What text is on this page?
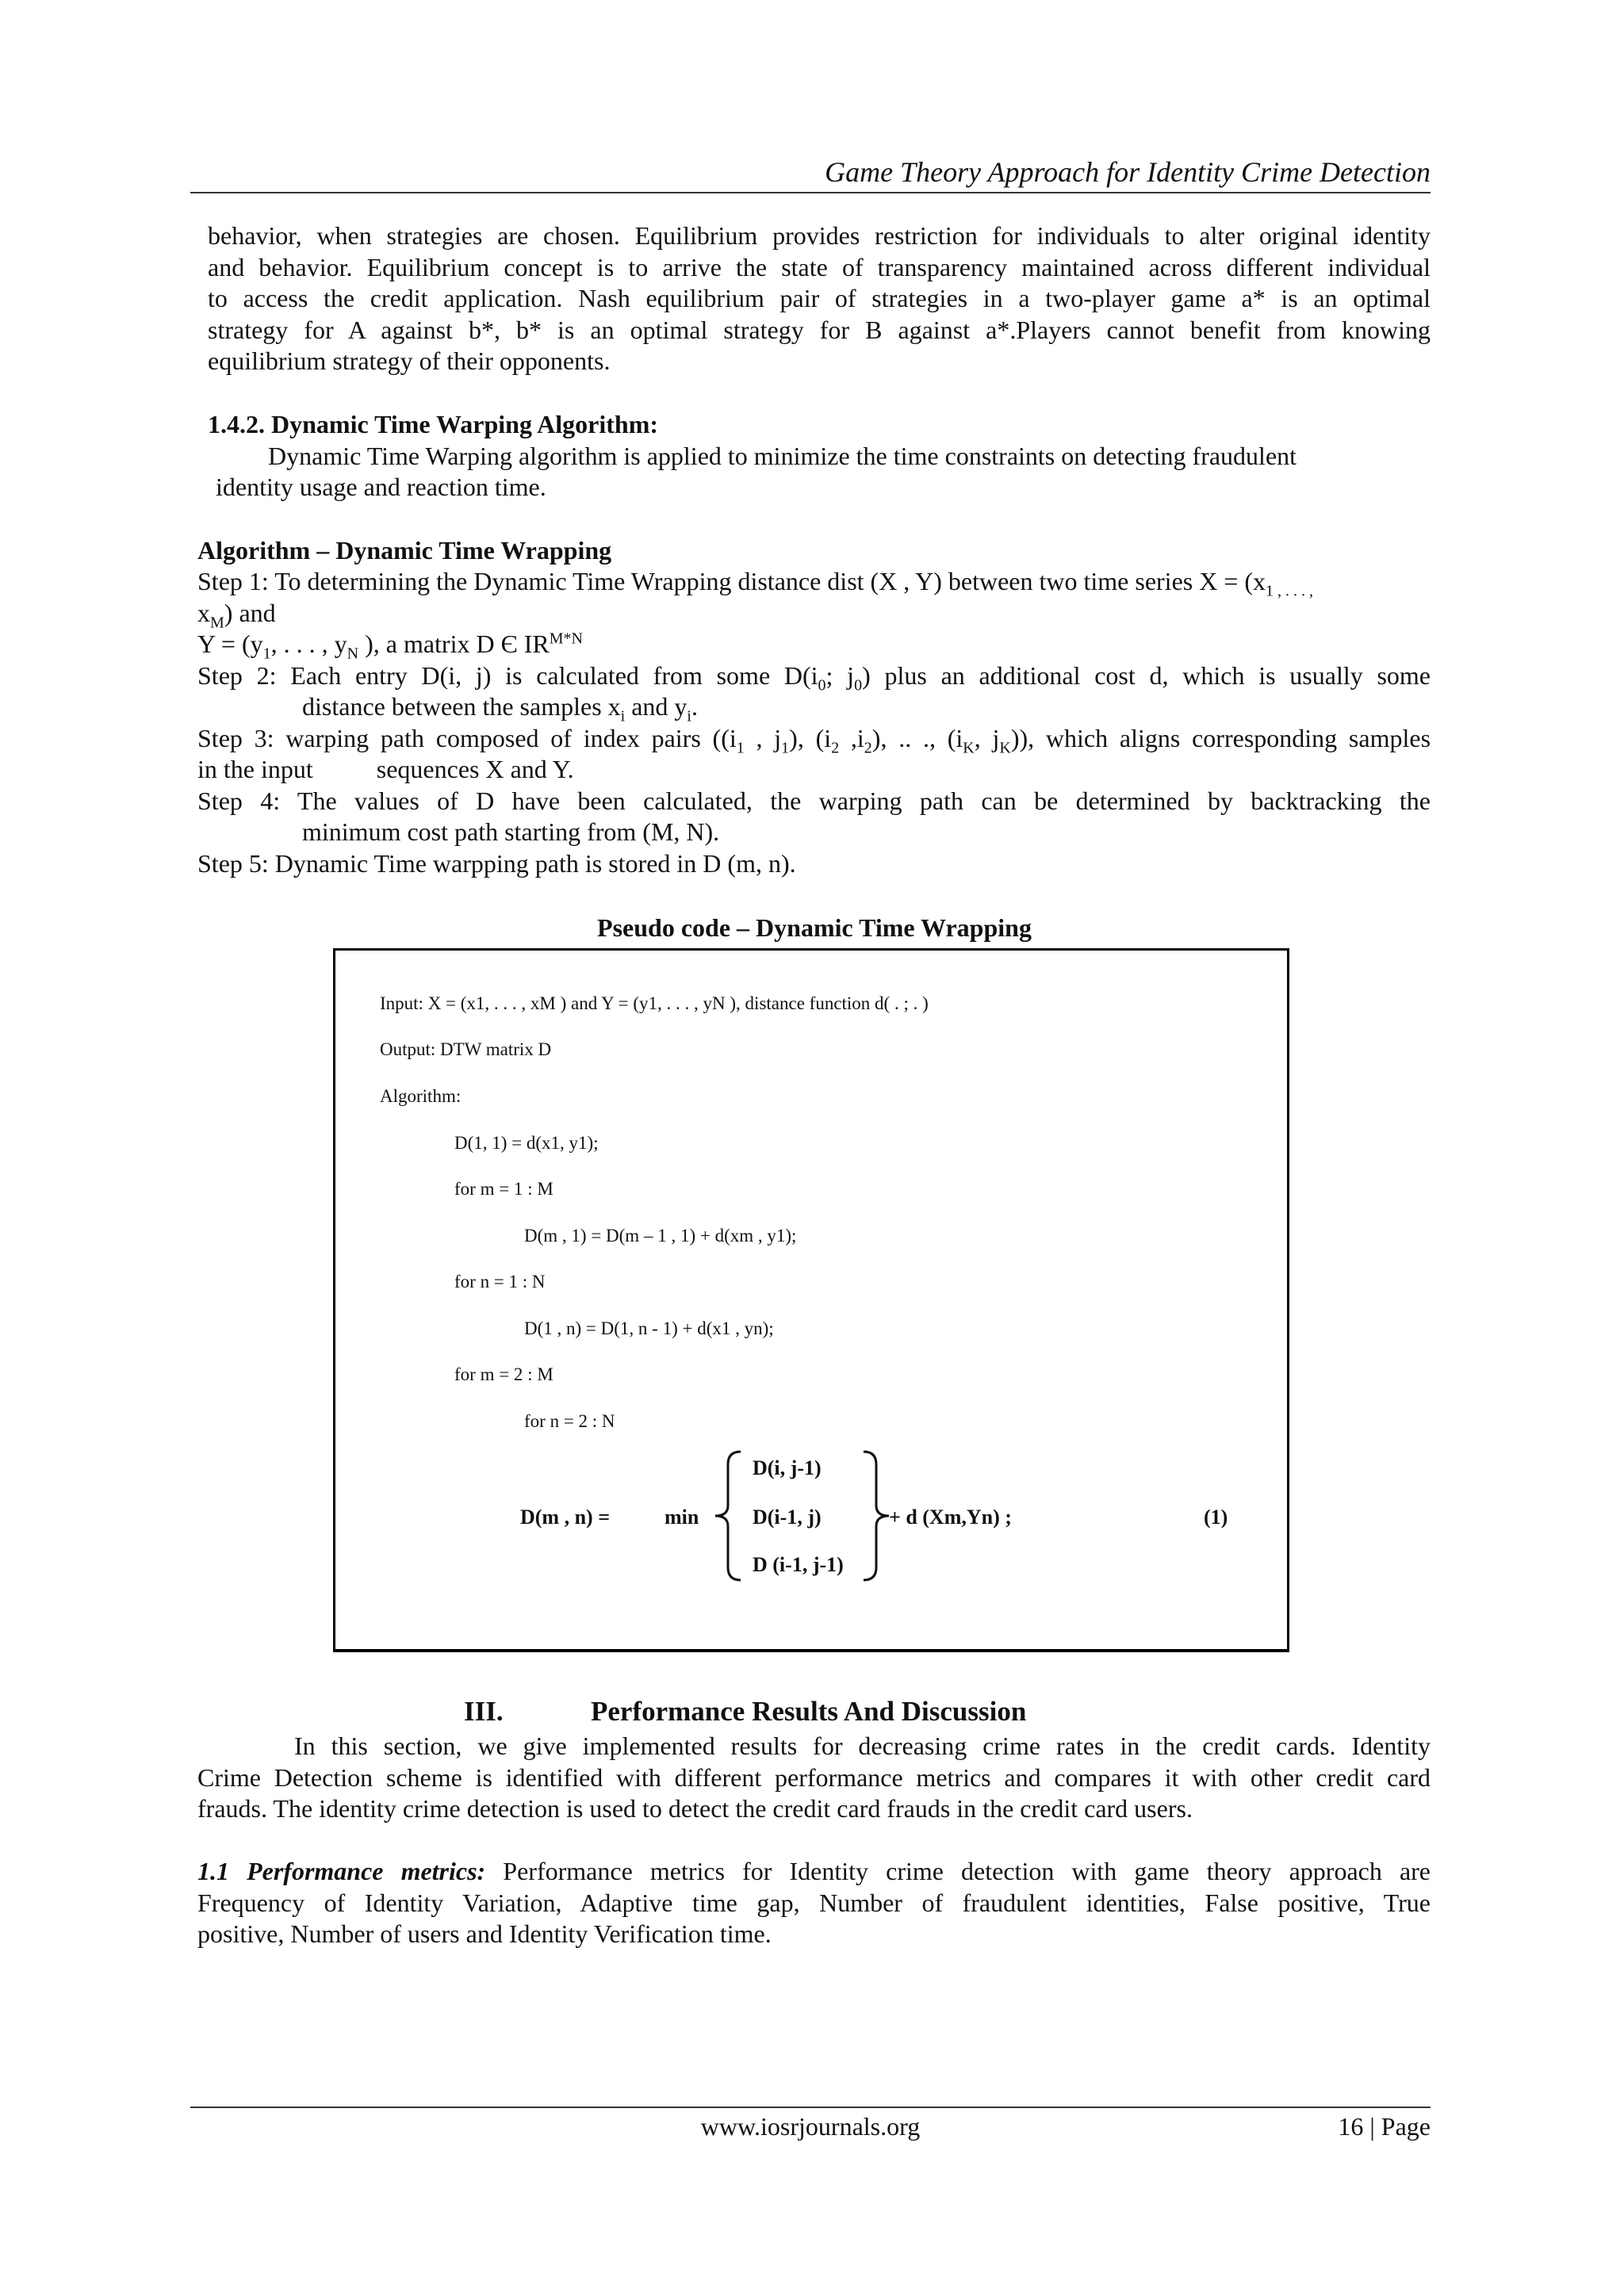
Game Theory Approach for Identity Crime Detection
behavior, when strategies are chosen. Equilibrium provides restriction for individuals to alter original identity
and behavior. Equilibrium concept is to arrive the state of transparency maintained across different individual
to access the credit application. Nash equilibrium pair of strategies in a two-player game a* is an optimal
strategy for A against b*, b* is an optimal strategy for B against a*.Players cannot benefit from knowing
equilibrium strategy of their opponents.
1.4.2. Dynamic Time Warping Algorithm:
Dynamic Time Warping algorithm is applied to minimize the time constraints on detecting fraudulent
identity usage and reaction time.
Algorithm – Dynamic Time Wrapping
Step 1: To determining the Dynamic Time Wrapping distance dist (X , Y) between two time series $X = (x_{1 , . . . ,}$
$x_M$) and
$Y = (y_1$, . . . , $y_N$ ), a matrix D Є $IR^{M*N}$
Step 2: Each entry D(i, j) is calculated from some $D(i_0$; $j_0$) plus an additional cost d, which is usually some
distance between the samples $x_i$ and $y_i$.
Step 3: warping path composed of index pairs (($i_1$ , $j_1$), ($i_2$ $,i_2$), .. ., ($i_K$, $j_K$)), which aligns corresponding samples
in the input          sequences X and Y.
Step 4: The values of D have been calculated, the warping path can be determined by backtracking the
minimum cost path starting from (M, N).
Step 5: Dynamic Time warpping path is stored in D (m, n).
Pseudo code – Dynamic Time Wrapping
Input: X = (x1, . . . , xM ) and Y = (y1, . . . , yN ), distance function d( . ; . )
Output: DTW matrix D
Algorithm:
D(1, 1) = d(x1, y1);
for m = 1 : M
D(m , 1) = D(m – 1 , 1) + d(xm , y1);
for n = 1 : N
D(1 , n) = D(1, n - 1) + d(x1 , yn);
for m = 2 : M
for n = 2 : N
D(m , n) =	min
D(i, j-1)
D(i-1, j)
D (i-1, j-1)
+ d (Xm,Yn) ;	(1)
III.	Performance Results And Discussion
In this section, we give implemented results for decreasing crime rates in the credit cards. Identity
Crime Detection scheme is identified with different performance metrics and compares it with other credit card
frauds. The identity crime detection is used to detect the credit card frauds in the credit card users.
1.1 Performance metrics: Performance metrics for Identity crime detection with game theory approach are
Frequency of Identity Variation, Adaptive time gap, Number of fraudulent identities, False positive, True
positive, Number of users and Identity Verification time.
www.iosrjournals.org	16 | Page
